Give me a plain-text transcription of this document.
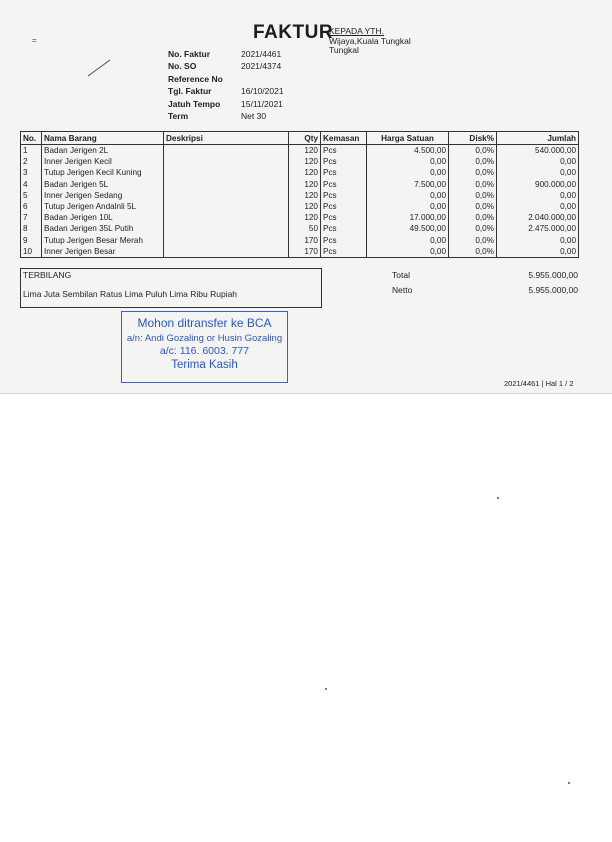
=	FAKTUR
KEPADA YTH.
Wijaya,Kuala Tungkal
Tungkal
No. Faktur	2021/4461
No. SO	2021/4374
Reference No
Tgl. Faktur	16/10/2021
Jatuh Tempo 15/11/2021
Term	Net 30
No.	Nama Barang	Deskripsi	Qty	Kemasan	Harga Satuan	Disk%	Jumlah
1	Badan Jerigen 2L		120	Pcs	4.500,00	0,0%	540.000,00
2	Inner Jerigen Kecil		120	Pcs	0,00	0,0%	0,00
3	Tutup Jerigen Kecil Kuning		120	Pcs	0,00	0,0%	0,00
4	Badan Jerigen 5L		120	Pcs	7.500,00	0,0%	900.000,00
5	Inner Jerigen Sedang		120	Pcs	0,00	0,0%	0,00
6	Tutup Jerigen Andalnli 5L		120	Pcs	0,00	0,0%	0,00
7	Badan Jerigen 10L		120	Pcs	17.000,00	0,0%	2.040.000,00
8	Badan Jerigen 35L Putih		50	Pcs	49.500,00	0,0%	2.475.000,00
9	Tutup Jerigen Besar Merah		170	Pcs	0,00	0,0%	0,00
10	Inner Jerigen Besar		170	Pcs	0,00	0,0%	0,00
TERBILANG
Lima Juta Sembilan Ratus Lima Puluh Lima Ribu Rupiah
Total	5.955.000,00
Netto	5.955.000,00
Mohon ditransfer ke BCA
a/n: Andi Gozaling or Husin Gozaling
a/c: 116. 6003. 777
Terima Kasih
2021/4461 | Hal 1 / 2
